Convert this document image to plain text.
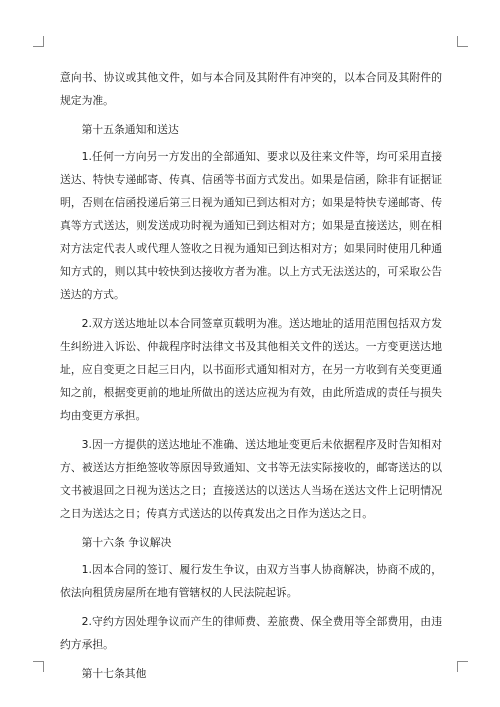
意向书、协议或其他文件，如与本合同及其附件有冲突的，以本合同及其附件的规定为准。

第十五条通知和送达

1.任何一方向另一方发出的全部通知、要求以及往来文件等，均可采用直接送达、特快专递邮寄、传真、信函等书面方式发出。如果是信函，除非有证据证明，否则在信函投递后第三日视为通知已到达相对方；如果是特快专递邮寄、传真等方式送达，则发送成功时视为通知已到达相对方；如果是直接送达，则在相对方法定代表人或代理人签收之日视为通知已到达相对方；如果同时使用几种通知方式的，则以其中较快到达接收方者为准。以上方式无法送达的，可采取公告送达的方式。

2.双方送达地址以本合同签章页载明为准。送达地址的适用范围包括双方发生纠纷进入诉讼、仲裁程序时法律文书及其他相关文件的送达。一方变更送达地址，应自变更之日起三日内，以书面形式通知相对方，在另一方收到有关变更通知之前，根据变更前的地址所做出的送达应视为有效，由此所造成的责任与损失均由变更方承担。

3.因一方提供的送达地址不准确、送达地址变更后未依据程序及时告知相对方、被送达方拒绝签收等原因导致通知、文书等无法实际接收的，邮寄送达的以文书被退回之日视为送达之日；直接送达的以送达人当场在送达文件上记明情况之日为送达之日；传真方式送达的以传真发出之日作为送达之日。

第十六条 争议解决

1.因本合同的签订、履行发生争议，由双方当事人协商解决，协商不成的，依法向租赁房屋所在地有管辖权的人民法院起诉。

2.守约方因处理争议而产生的律师费、差旅费、保全费用等全部费用，由违约方承担。

第十七条其他
